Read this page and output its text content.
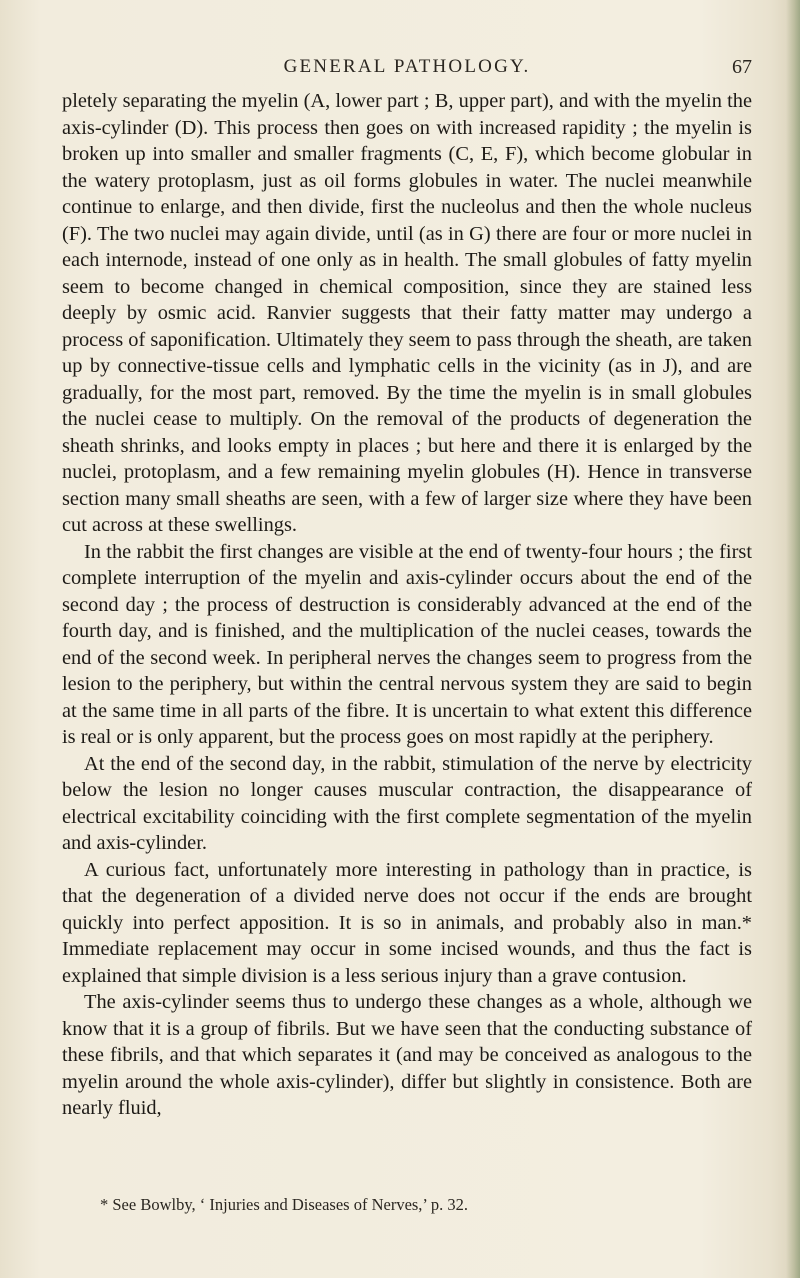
GENERAL PATHOLOGY.	67

pletely separating the myelin (A, lower part ; B, upper part), and with the myelin the axis-cylinder (D). This process then goes on with increased rapidity ; the myelin is broken up into smaller and smaller fragments (C, E, F), which become globular in the watery protoplasm, just as oil forms globules in water. The nuclei meanwhile continue to enlarge, and then divide, first the nucleolus and then the whole nucleus (F). The two nuclei may again divide, until (as in G) there are four or more nuclei in each internode, instead of one only as in health. The small globules of fatty myelin seem to become changed in chemical composition, since they are stained less deeply by osmic acid. Ranvier suggests that their fatty matter may undergo a process of saponification. Ultimately they seem to pass through the sheath, are taken up by connective-tissue cells and lymphatic cells in the vicinity (as in J), and are gradually, for the most part, removed. By the time the myelin is in small globules the nuclei cease to multiply. On the removal of the products of degeneration the sheath shrinks, and looks empty in places ; but here and there it is enlarged by the nuclei, protoplasm, and a few remaining myelin globules (H). Hence in transverse section many small sheaths are seen, with a few of larger size where they have been cut across at these swellings.

In the rabbit the first changes are visible at the end of twenty-four hours ; the first complete interruption of the myelin and axis-cylinder occurs about the end of the second day ; the process of destruction is considerably advanced at the end of the fourth day, and is finished, and the multiplication of the nuclei ceases, towards the end of the second week. In peripheral nerves the changes seem to progress from the lesion to the periphery, but within the central nervous system they are said to begin at the same time in all parts of the fibre. It is uncertain to what extent this difference is real or is only apparent, but the process goes on most rapidly at the periphery.

At the end of the second day, in the rabbit, stimulation of the nerve by electricity below the lesion no longer causes muscular contraction, the disappearance of electrical excitability coinciding with the first complete segmentation of the myelin and axis-cylinder.

A curious fact, unfortunately more interesting in pathology than in practice, is that the degeneration of a divided nerve does not occur if the ends are brought quickly into perfect apposition. It is so in animals, and probably also in man.* Immediate replacement may occur in some incised wounds, and thus the fact is explained that simple division is a less serious injury than a grave contusion.

The axis-cylinder seems thus to undergo these changes as a whole, although we know that it is a group of fibrils. But we have seen that the conducting substance of these fibrils, and that which separates it (and may be conceived as analogous to the myelin around the whole axis-cylinder), differ but slightly in consistence. Both are nearly fluid,

* See Bowlby, ‘ Injuries and Diseases of Nerves,’ p. 32.
